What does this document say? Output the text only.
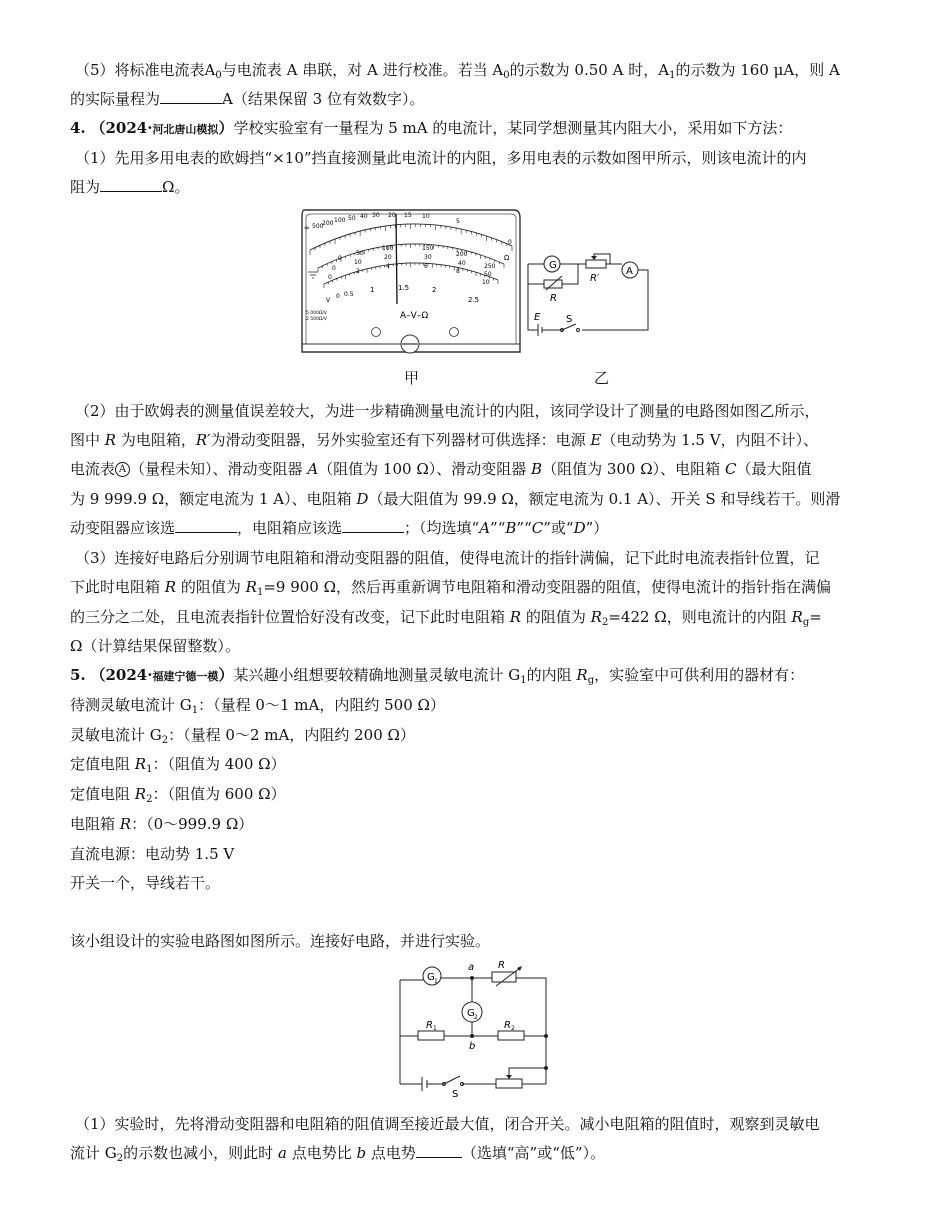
（5）将标准电流表$A_0$与电流表 A 串联，对 A 进行校准。若当 $A_0$的示数为 0.50 A 时，$A_1$的示数为 160 μA，则 A
的实际量程为	A（结果保留 3 位有效数字）。
4. （2024·河北唐山模拟）学校实验室有一量程为 5 mA 的电流计，某同学想测量其内阻大小，采用如下方法：
（1）先用多用电表的欧姆挡“×10”挡直接测量此电流计的内阻，多用电表的示数如图甲所示，则该电流计的内
阻为	Ω。
∞ 500
200 100 50 40 30 20 15 10
5
0
Ω
0
50
100	150
200
250
0
10
20	30
40
50
0
2
4	6
8
10
0 0.5
1	1.5	2
2.5
V
5 000Ω/V
2 500Ω/V	A–V–Ω
甲
G
R
R′
A
E	S
乙
（2）由于欧姆表的测量值误差较大，为进一步精确测量电流计的内阻，该同学设计了测量的电路图如图乙所示，
图中 R 为电阻箱，R′为滑动变阻器，另外实验室还有下列器材可供选择：电源 E（电动势为 1.5 V，内阻不计）、
电流表 A （量程未知）、滑动变阻器 A（阻值为 100 Ω）、滑动变阻器 B（阻值为 300 Ω）、电阻箱 C（最大阻值
为 9 999.9 Ω，额定电流为 1 A）、电阻箱 D（最大阻值为 99.9 Ω，额定电流为 0.1 A）、开关 S 和导线若干。则滑
动变阻器应该选	，电阻箱应该选	；（均选填“A”“B”“C”或“D”）
（3）连接好电路后分别调节电阻箱和滑动变阻器的阻值，使得电流计的指针满偏，记下此时电流表指针位置，记
下此时电阻箱 R 的阻值为 $R_1=9$ 900 Ω，然后再重新调节电阻箱和滑动变阻器的阻值，使得电流计的指针指在满偏
的三分之二处，且电流表指针位置恰好没有改变，记下此时电阻箱 R 的阻值为 $R_2=422$ Ω，则电流计的内阻 $R_g=$
Ω（计算结果保留整数）。
5. （2024·福建宁德一模）某兴趣小组想要较精确地测量灵敏电流计 $G_1$的内阻 $R_g$，实验室中可供利用的器材有：
待测灵敏电流计 $G_1$：（量程 0～1 mA，内阻约 500 Ω）
灵敏电流计 $G_2$：（量程 0～2 mA，内阻约 200 Ω）
定值电阻 $R_1$：（阻值为 400 Ω）
定值电阻 $R_2$：（阻值为 600 Ω）
电阻箱 R：（0～999.9 Ω）
直流电源：电动势 1.5 V
开关一个，导线若干。
该小组设计的实验电路图如图所示。连接好电路，并进行实验。
G 1
G 2
a
b
R
R 1	R 2
S
（1）实验时，先将滑动变阻器和电阻箱的阻值调至接近最大值，闭合开关。减小电阻箱的阻值时，观察到灵敏电
流计 $G_2$的示数也减小，则此时 a 点电势比 b 点电势	（选填“高”或“低”）。
